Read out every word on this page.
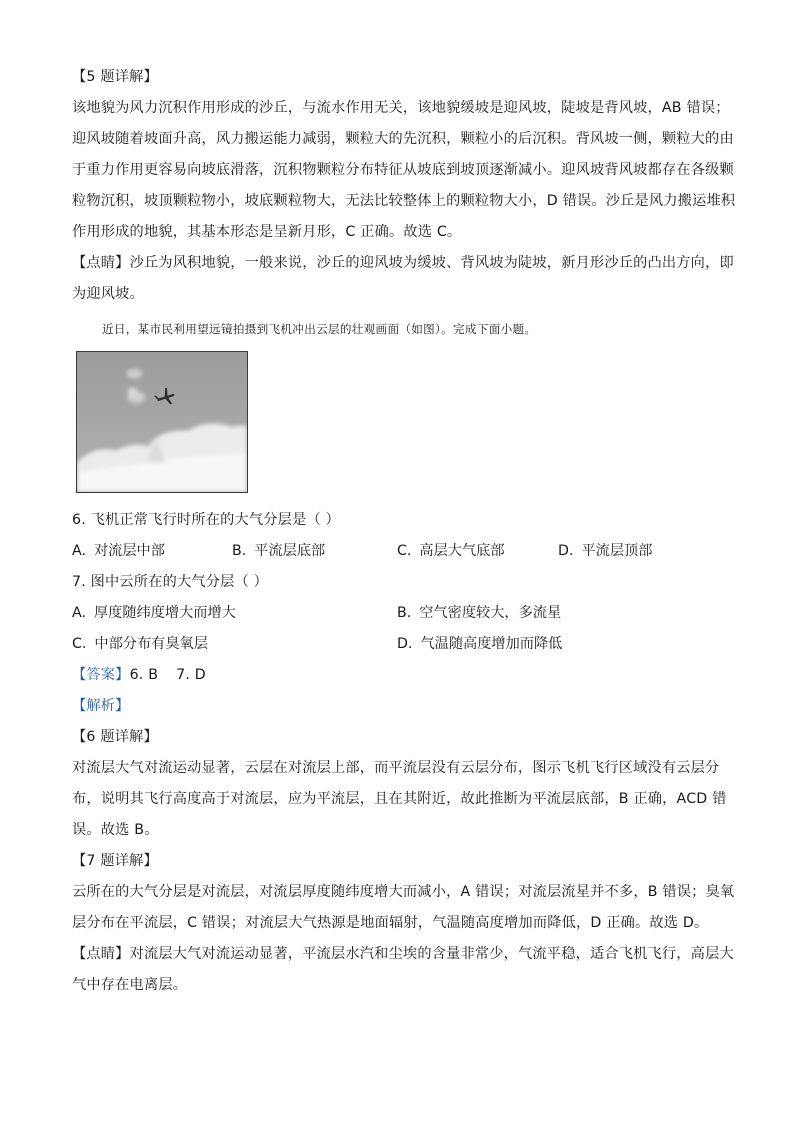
【5 题详解】
该地貌为风力沉积作用形成的沙丘，与流水作用无关，该地貌缓坡是迎风坡，陡坡是背风坡，AB 错误；
迎风坡随着坡面升高，风力搬运能力减弱，颗粒大的先沉积，颗粒小的后沉积。背风坡一侧，颗粒大的由
于重力作用更容易向坡底滑落，沉积物颗粒分布特征从坡底到坡顶逐渐减小。迎风坡背风坡都存在各级颗
粒物沉积，坡顶颗粒物小，坡底颗粒物大，无法比较整体上的颗粒物大小，D 错误。沙丘是风力搬运堆积
作用形成的地貌，其基本形态是呈新月形，C 正确。故选 C。
【点睛】沙丘为风积地貌，一般来说，沙丘的迎风坡为缓坡、背风坡为陡坡，新月形沙丘的凸出方向，即
为迎风坡。
近日，某市民利用望远镜拍摄到飞机冲出云层的壮观画面（如图）。完成下面小题。
6. 飞机正常飞行时所在的大气分层是（ ）
A. 对流层中部	B. 平流层底部	C. 高层大气底部	D. 平流层顶部
7. 图中云所在的大气分层（ ）
A. 厚度随纬度增大而增大	B. 空气密度较大，多流星
C. 中部分布有臭氧层	D. 气温随高度增加而降低
【答案】6. B 7. D
【解析】
【6 题详解】
对流层大气对流运动显著，云层在对流层上部，而平流层没有云层分布，图示飞机飞行区域没有云层分
布，说明其飞行高度高于对流层，应为平流层，且在其附近，故此推断为平流层底部，B 正确，ACD 错
误。故选 B。
【7 题详解】
云所在的大气分层是对流层，对流层厚度随纬度增大而减小，A 错误；对流层流星并不多，B 错误；臭氧
层分布在平流层，C 错误；对流层大气热源是地面辐射，气温随高度增加而降低，D 正确。故选 D。
【点睛】对流层大气对流运动显著，平流层水汽和尘埃的含量非常少，气流平稳，适合飞机飞行，高层大
气中存在电离层。
